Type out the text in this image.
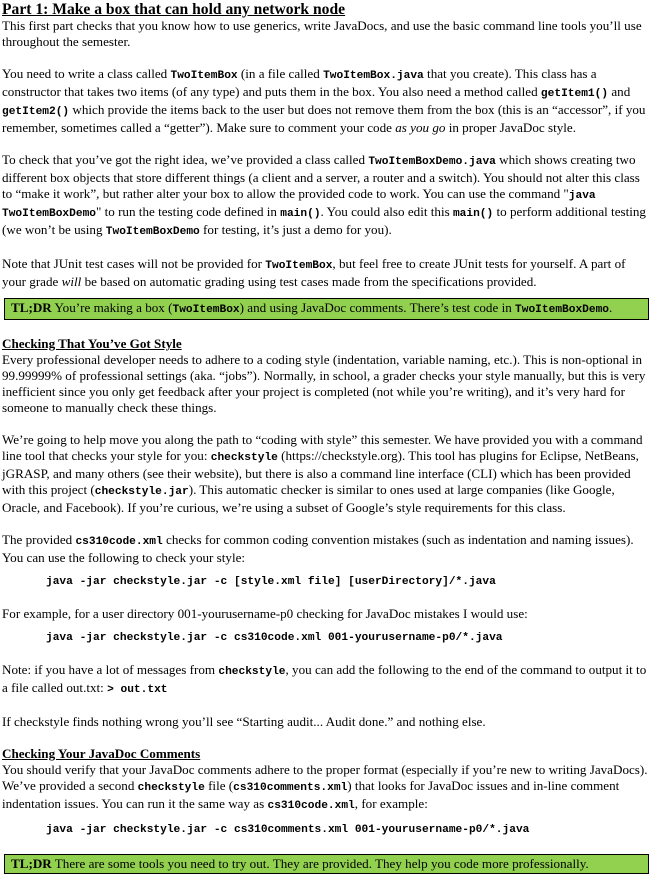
Part 1: Make a box that can hold any network node

This first part checks that you know how to use generics, write JavaDocs, and use the basic command line tools you’ll use throughout the semester.

You need to write a class called TwoItemBox (in a file called TwoItemBox.java that you create). This class has a constructor that takes two items (of any type) and puts them in the box. You also need a method called getItem1() and getItem2() which provide the items back to the user but does not remove them from the box (this is an “accessor”, if you remember, sometimes called a “getter”). Make sure to comment your code as you go in proper JavaDoc style.

To check that you’ve got the right idea, we’ve provided a class called TwoItemBoxDemo.java which shows creating two different box objects that store different things (a client and a server, a router and a switch). You should not alter this class to “make it work”, but rather alter your box to allow the provided code to work. You can use the command "java TwoItemBoxDemo" to run the testing code defined in main(). You could also edit this main() to perform additional testing (we won’t be using TwoItemBoxDemo for testing, it’s just a demo for you).

Note that JUnit test cases will not be provided for TwoItemBox, but feel free to create JUnit tests for yourself. A part of your grade will be based on automatic grading using test cases made from the specifications provided.

TL;DR You’re making a box (TwoItemBox) and using JavaDoc comments. There’s test code in TwoItemBoxDemo.
Checking That You’ve Got Style

Every professional developer needs to adhere to a coding style (indentation, variable naming, etc.). This is non-optional in 99.99999% of professional settings (aka. “jobs”). Normally, in school, a grader checks your style manually, but this is very inefficient since you only get feedback after your project is completed (not while you’re writing), and it’s very hard for someone to manually check these things.

We’re going to help move you along the path to “coding with style” this semester. We have provided you with a command line tool that checks your style for you: checkstyle (https://checkstyle.org). This tool has plugins for Eclipse, NetBeans, jGRASP, and many others (see their website), but there is also a command line interface (CLI) which has been provided with this project (checkstyle.jar). This automatic checker is similar to ones used at large companies (like Google, Oracle, and Facebook). If you’re curious, we’re using a subset of Google’s style requirements for this class.

The provided cs310code.xml checks for common coding convention mistakes (such as indentation and naming issues). You can use the following to check your style:

java -jar checkstyle.jar -c [style.xml file] [userDirectory]/*.java

For example, for a user directory 001-yourusername-p0 checking for JavaDoc mistakes I would use:

java -jar checkstyle.jar -c cs310code.xml 001-yourusername-p0/*.java

Note: if you have a lot of messages from checkstyle, you can add the following to the end of the command to output it to a file called out.txt: > out.txt

If checkstyle finds nothing wrong you’ll see “Starting audit... Audit done.” and nothing else.

Checking Your JavaDoc Comments

You should verify that your JavaDoc comments adhere to the proper format (especially if you’re new to writing JavaDocs). We’ve provided a second checkstyle file (cs310comments.xml) that looks for JavaDoc issues and in-line comment indentation issues. You can run it the same way as cs310code.xml, for example:

java -jar checkstyle.jar -c cs310comments.xml 001-yourusername-p0/*.java
TL;DR There are some tools you need to try out. They are provided. They help you code more professionally.
